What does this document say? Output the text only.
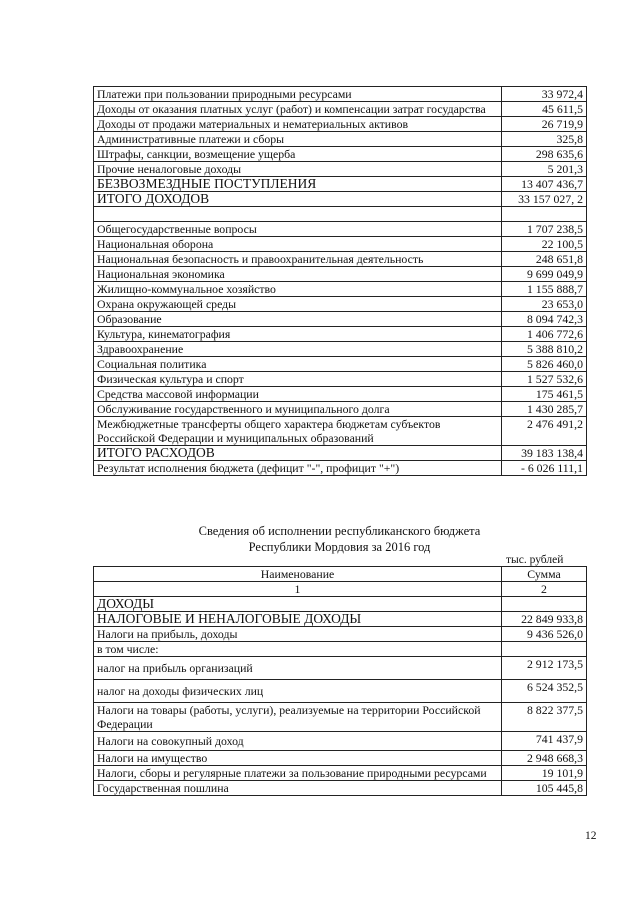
Платежи при пользовании природными ресурсами	33 972,4
Доходы от оказания платных услуг (работ) и компенсации затрат государства	45 611,5
Доходы от продажи материальных и нематериальных активов	26 719,9
Административные платежи и сборы	325,8
Штрафы, санкции, возмещение ущерба	298 635,6
Прочие неналоговые доходы	5 201,3
БЕЗВОЗМЕЗДНЫЕ ПОСТУПЛЕНИЯ	13 407 436,7
ИТОГО ДОХОДОВ	33 157 027, 2

Общегосударственные вопросы	1 707 238,5
Национальная оборона	22 100,5
Национальная безопасность и правоохранительная деятельность	248 651,8
Национальная экономика	9 699 049,9
Жилищно-коммунальное хозяйство	1 155 888,7
Охрана окружающей среды	23 653,0
Образование	8 094 742,3
Культура, кинематография	1 406 772,6
Здравоохранение	5 388 810,2
Социальная политика	5 826 460,0
Физическая культура и спорт	1 527 532,6
Средства массовой информации	175 461,5
Обслуживание государственного и муниципального долга	1 430 285,7
Межбюджетные трансферты общего характера бюджетам субъектов Российской Федерации и муниципальных образований	2 476 491,2
ИТОГО РАСХОДОВ	39 183 138,4
Результат исполнения бюджета (дефицит "-", профицит "+")	- 6 026 111,1
Сведения об исполнении республиканского бюджета
Республики Мордовия за 2016 год
тыс. рублей
Наименование	Сумма
1	2
ДОХОДЫ	
НАЛОГОВЫЕ И НЕНАЛОГОВЫЕ ДОХОДЫ	22 849 933,8
Налоги на прибыль, доходы	9 436 526,0
в том числе:	
налог на прибыль организаций	2 912 173,5
налог на доходы физических лиц	6 524 352,5
Налоги на товары (работы, услуги), реализуемые на территории Российской Федерации	8 822 377,5
Налоги на совокупный доход	741 437,9
Налоги на имущество	2 948 668,3
Налоги, сборы и регулярные платежи за пользование природными ресурсами	19 101,9
Государственная пошлина	105 445,8
12
